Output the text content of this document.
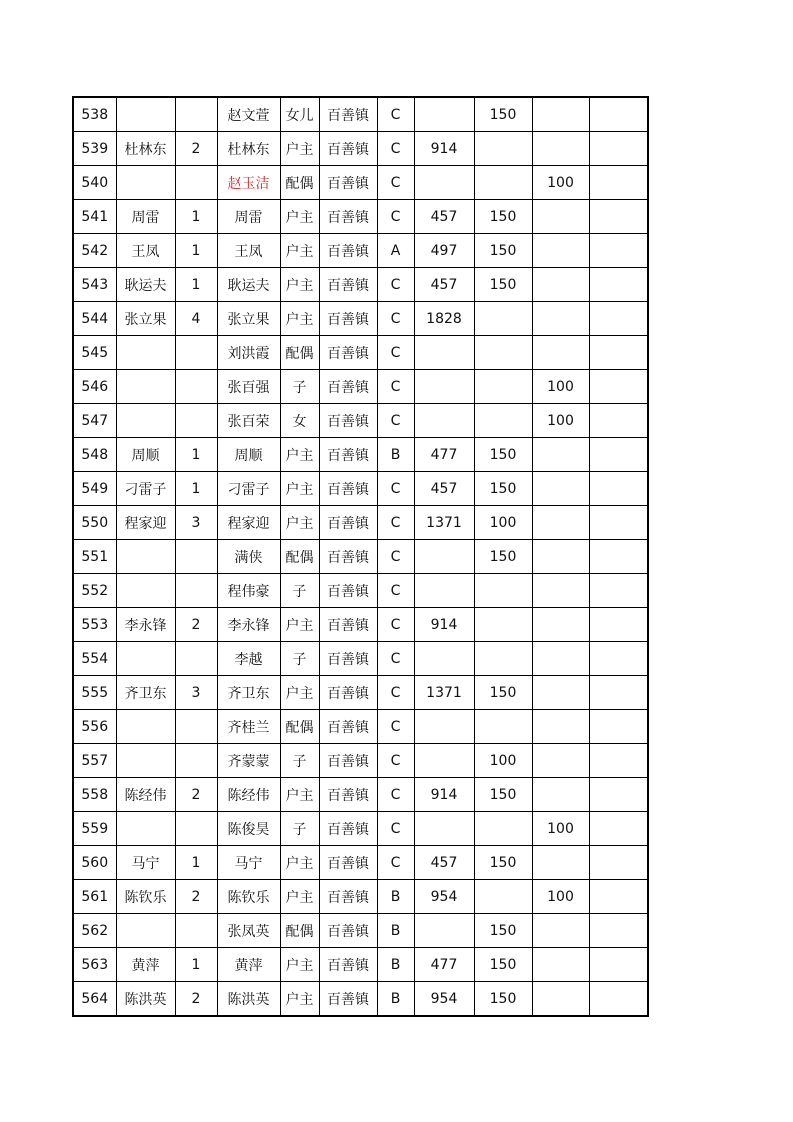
538			赵文萱	女儿	百善镇	C		150		
539	杜林东	2	杜林东	户主	百善镇	C	914			
540			赵玉洁	配偶	百善镇	C			100	
541	周雷	1	周雷	户主	百善镇	C	457	150		
542	王凤	1	王凤	户主	百善镇	A	497	150		
543	耿运夫	1	耿运夫	户主	百善镇	C	457	150		
544	张立果	4	张立果	户主	百善镇	C	1828			
545			刘洪霞	配偶	百善镇	C				
546			张百强	子	百善镇	C			100	
547			张百荣	女	百善镇	C			100	
548	周顺	1	周顺	户主	百善镇	B	477	150		
549	刁雷子	1	刁雷子	户主	百善镇	C	457	150		
550	程家迎	3	程家迎	户主	百善镇	C	1371	100		
551			满侠	配偶	百善镇	C		150		
552			程伟豪	子	百善镇	C				
553	李永锋	2	李永锋	户主	百善镇	C	914			
554			李越	子	百善镇	C				
555	齐卫东	3	齐卫东	户主	百善镇	C	1371	150		
556			齐桂兰	配偶	百善镇	C				
557			齐蒙蒙	子	百善镇	C		100		
558	陈经伟	2	陈经伟	户主	百善镇	C	914	150		
559			陈俊昊	子	百善镇	C			100	
560	马宁	1	马宁	户主	百善镇	C	457	150		
561	陈钦乐	2	陈钦乐	户主	百善镇	B	954		100	
562			张凤英	配偶	百善镇	B		150		
563	黄萍	1	黄萍	户主	百善镇	B	477	150		
564	陈洪英	2	陈洪英	户主	百善镇	B	954	150		
